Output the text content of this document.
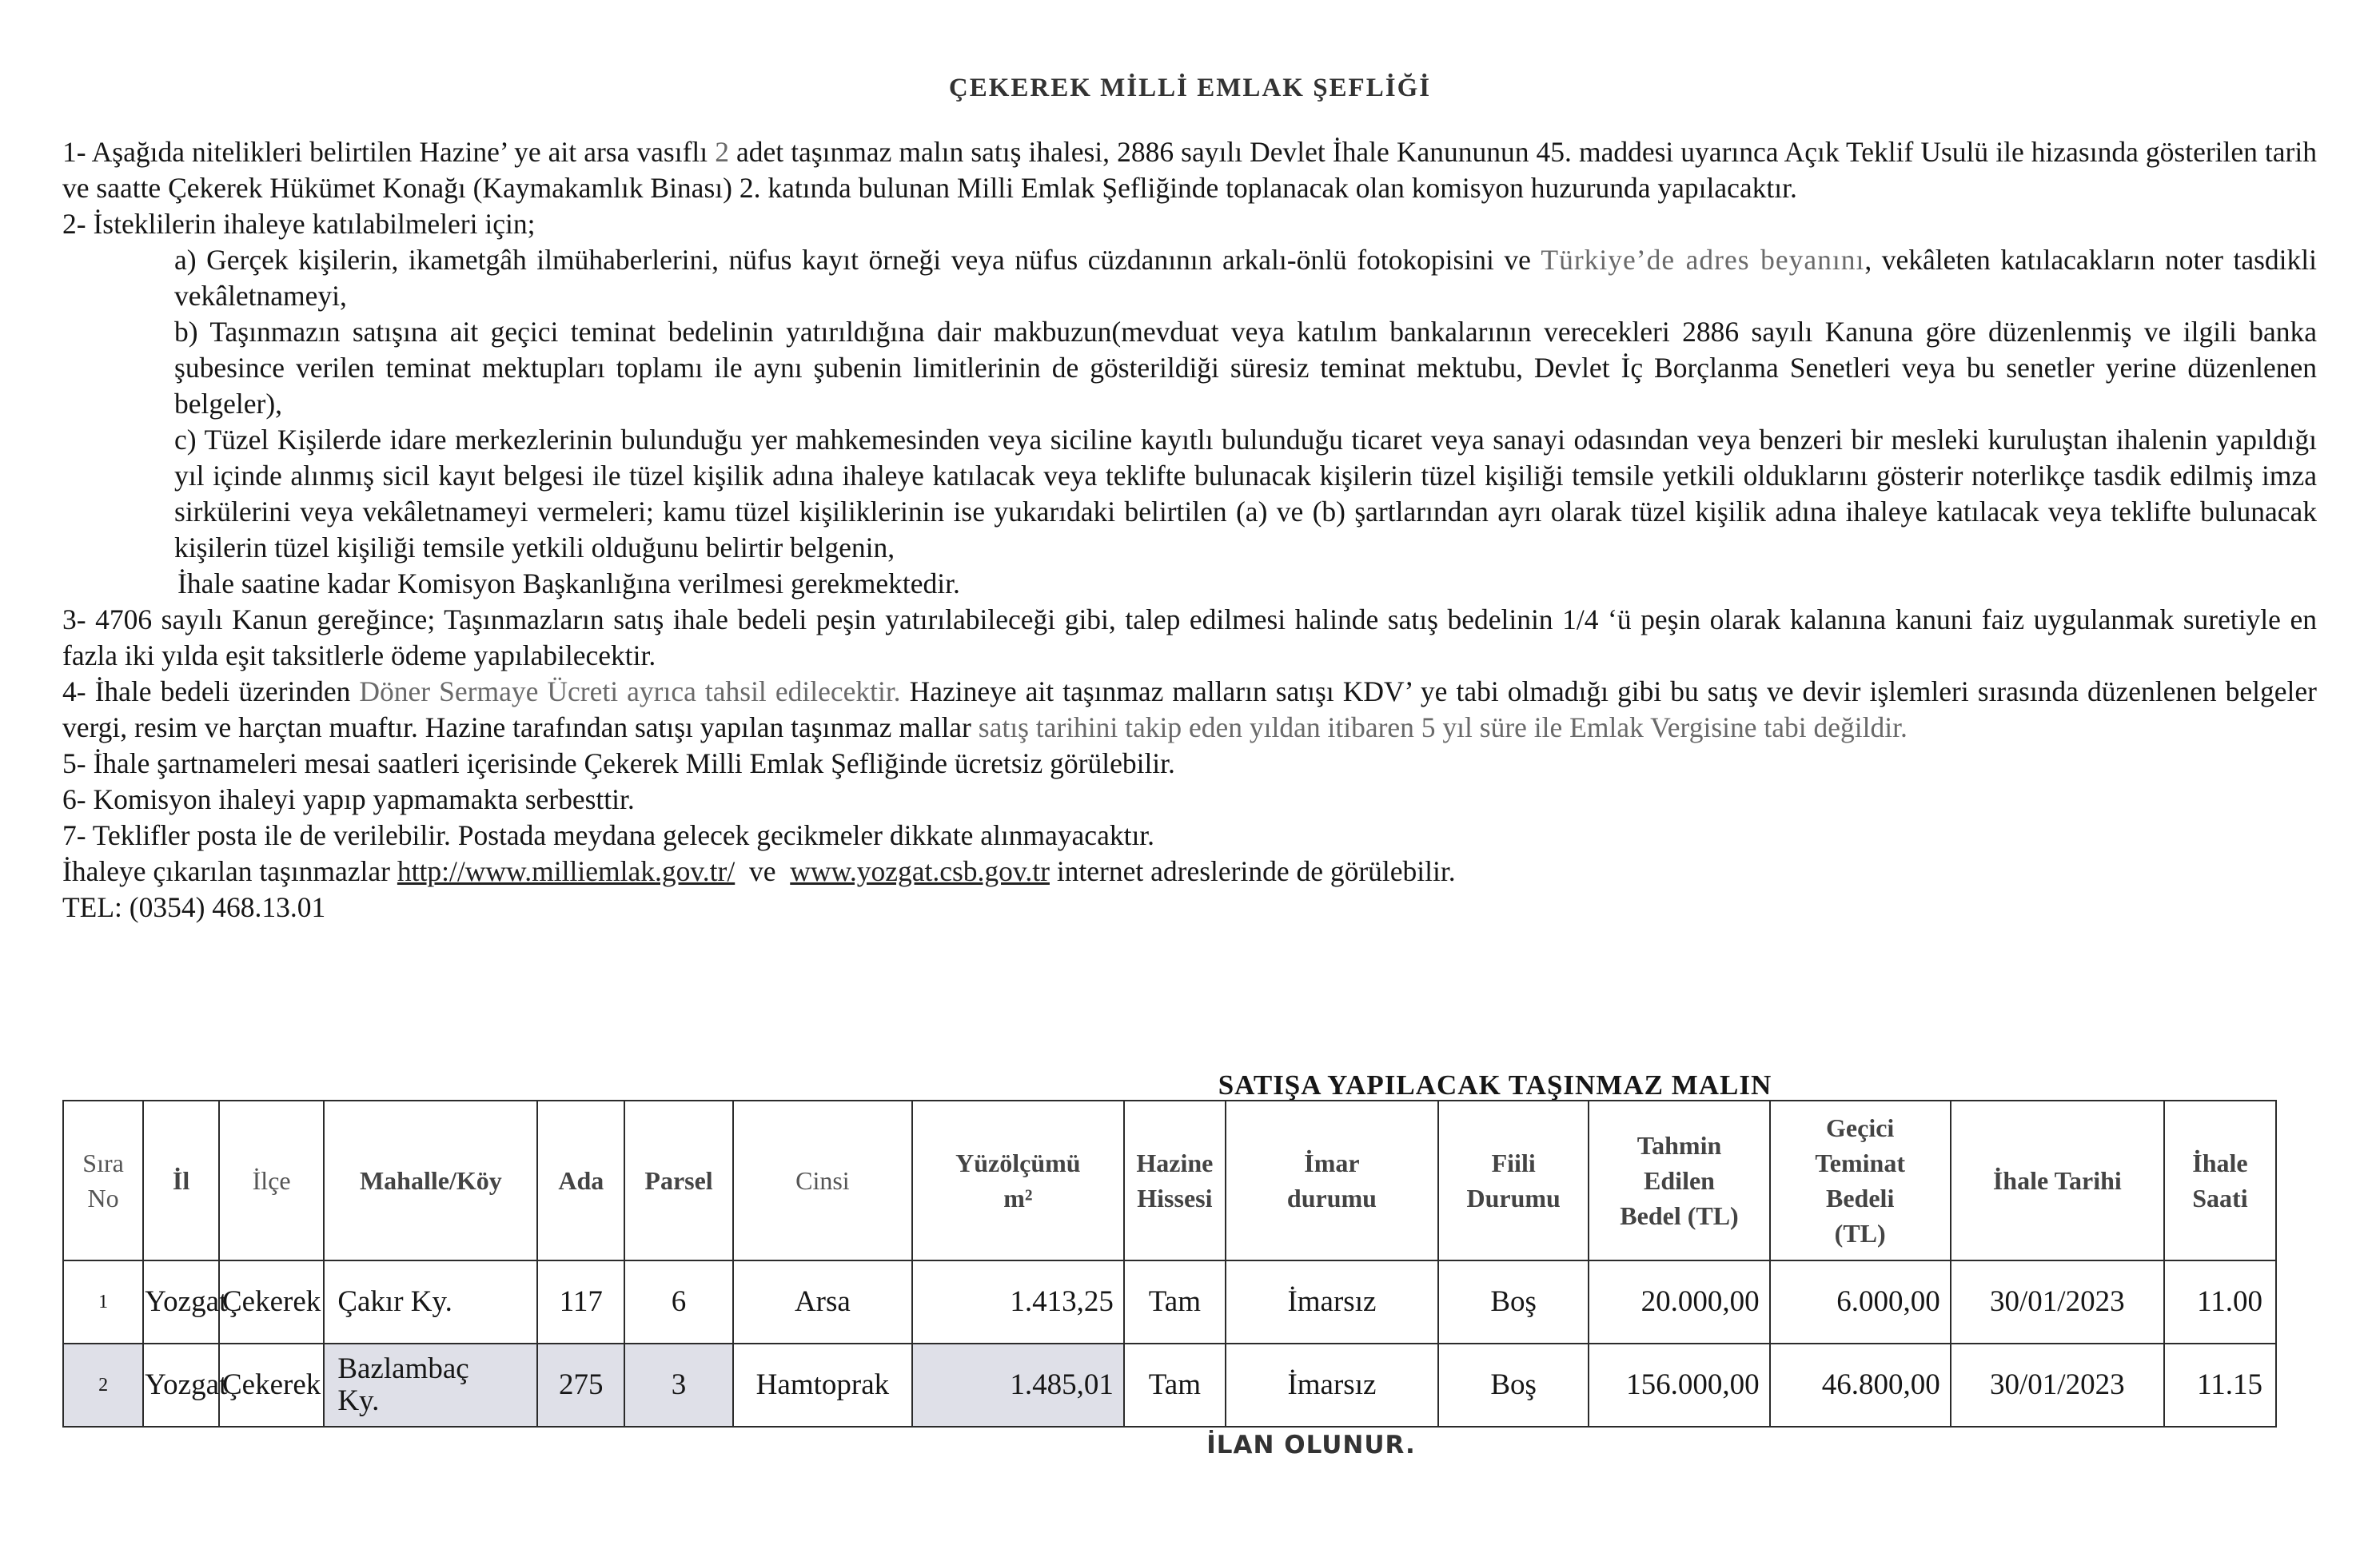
ÇEKEREK MİLLİ EMLAK ŞEFLİĞİ

1- Aşağıda nitelikleri belirtilen Hazine’ ye ait arsa vasıflı 2 adet taşınmaz malın satış ihalesi, 2886 sayılı Devlet İhale Kanununun 45. maddesi uyarınca Açık Teklif Usulü ile hizasında gösterilen tarih ve saatte Çekerek Hükümet Konağı (Kaymakamlık Binası) 2. katında bulunan Milli Emlak Şefliğinde toplanacak olan komisyon huzurunda yapılacaktır.

2- İsteklilerin ihaleye katılabilmeleri için;

a) Gerçek kişilerin, ikametgâh ilmühaberlerini, nüfus kayıt örneği veya nüfus cüzdanının arkalı-önlü fotokopisini ve Türkiye’de adres beyanını, vekâleten katılacakların noter tasdikli vekâletnameyi,

b) Taşınmazın satışına ait geçici teminat bedelinin yatırıldığına dair makbuzun(mevduat veya katılım bankalarının verecekleri 2886 sayılı Kanuna göre düzenlenmiş ve ilgili banka şubesince verilen teminat mektupları toplamı ile aynı şubenin limitlerinin de gösterildiği süresiz teminat mektubu, Devlet İç Borçlanma Senetleri veya bu senetler yerine düzenlenen belgeler),

c) Tüzel Kişilerde idare merkezlerinin bulunduğu yer mahkemesinden veya siciline kayıtlı bulunduğu ticaret veya sanayi odasından veya benzeri bir mesleki kuruluştan ihalenin yapıldığı yıl içinde alınmış sicil kayıt belgesi ile tüzel kişilik adına ihaleye katılacak veya teklifte bulunacak kişilerin tüzel kişiliği temsile yetkili olduklarını gösterir noterlikçe tasdik edilmiş imza sirkülerini veya vekâletnameyi vermeleri; kamu tüzel kişiliklerinin ise yukarıdaki belirtilen (a) ve (b) şartlarından ayrı olarak tüzel kişilik adına ihaleye katılacak veya teklifte bulunacak kişilerin tüzel kişiliği temsile yetkili olduğunu belirtir belgenin,

İhale saatine kadar Komisyon Başkanlığına verilmesi gerekmektedir.

3- 4706 sayılı Kanun gereğince; Taşınmazların satış ihale bedeli peşin yatırılabileceği gibi, talep edilmesi halinde satış bedelinin 1/4 ‘ü peşin olarak kalanına kanuni faiz uygulanmak suretiyle en fazla iki yılda eşit taksitlerle ödeme yapılabilecektir.

4- İhale bedeli üzerinden Döner Sermaye Ücreti ayrıca tahsil edilecektir. Hazineye ait taşınmaz malların satışı KDV’ ye tabi olmadığı gibi bu satış ve devir işlemleri sırasında düzenlenen belgeler vergi, resim ve harçtan muaftır. Hazine tarafından satışı yapılan taşınmaz mallar satış tarihini takip eden yıldan itibaren 5 yıl süre ile Emlak Vergisine tabi değildir.

5- İhale şartnameleri mesai saatleri içerisinde Çekerek Milli Emlak Şefliğinde ücretsiz görülebilir.

6- Komisyon ihaleyi yapıp yapmamakta serbesttir.

7- Teklifler posta ile de verilebilir. Postada meydana gelecek gecikmeler dikkate alınmayacaktır.

İhaleye çıkarılan taşınmazlar http://www.milliemlak.gov.tr/  ve  www.yozgat.csb.gov.tr internet adreslerinde de görülebilir.

TEL: (0354) 468.13.01

SATIŞA YAPILACAK TAŞINMAZ MALIN
Sıra
No	İl	İlçe	Mahalle/Köy	Ada	Parsel	Cinsi	Yüzölçümü
m²	Hazine
Hissesi	İmar
durumu	Fiili
Durumu	Tahmin
Edilen
Bedel (TL)	Geçici
Teminat
Bedeli
(TL)	İhale Tarihi	İhale
Saati
1	Yozgat	Çekerek	Çakır Ky.	117	6	Arsa	1.413,25	Tam	İmarsız	Boş	20.000,00	6.000,00	30/01/2023	11.00
2	Yozgat	Çekerek	Bazlambaç
Ky.	275	3	Hamtoprak	1.485,01	Tam	İmarsız	Boş	156.000,00	46.800,00	30/01/2023	11.15
İLAN OLUNUR.
